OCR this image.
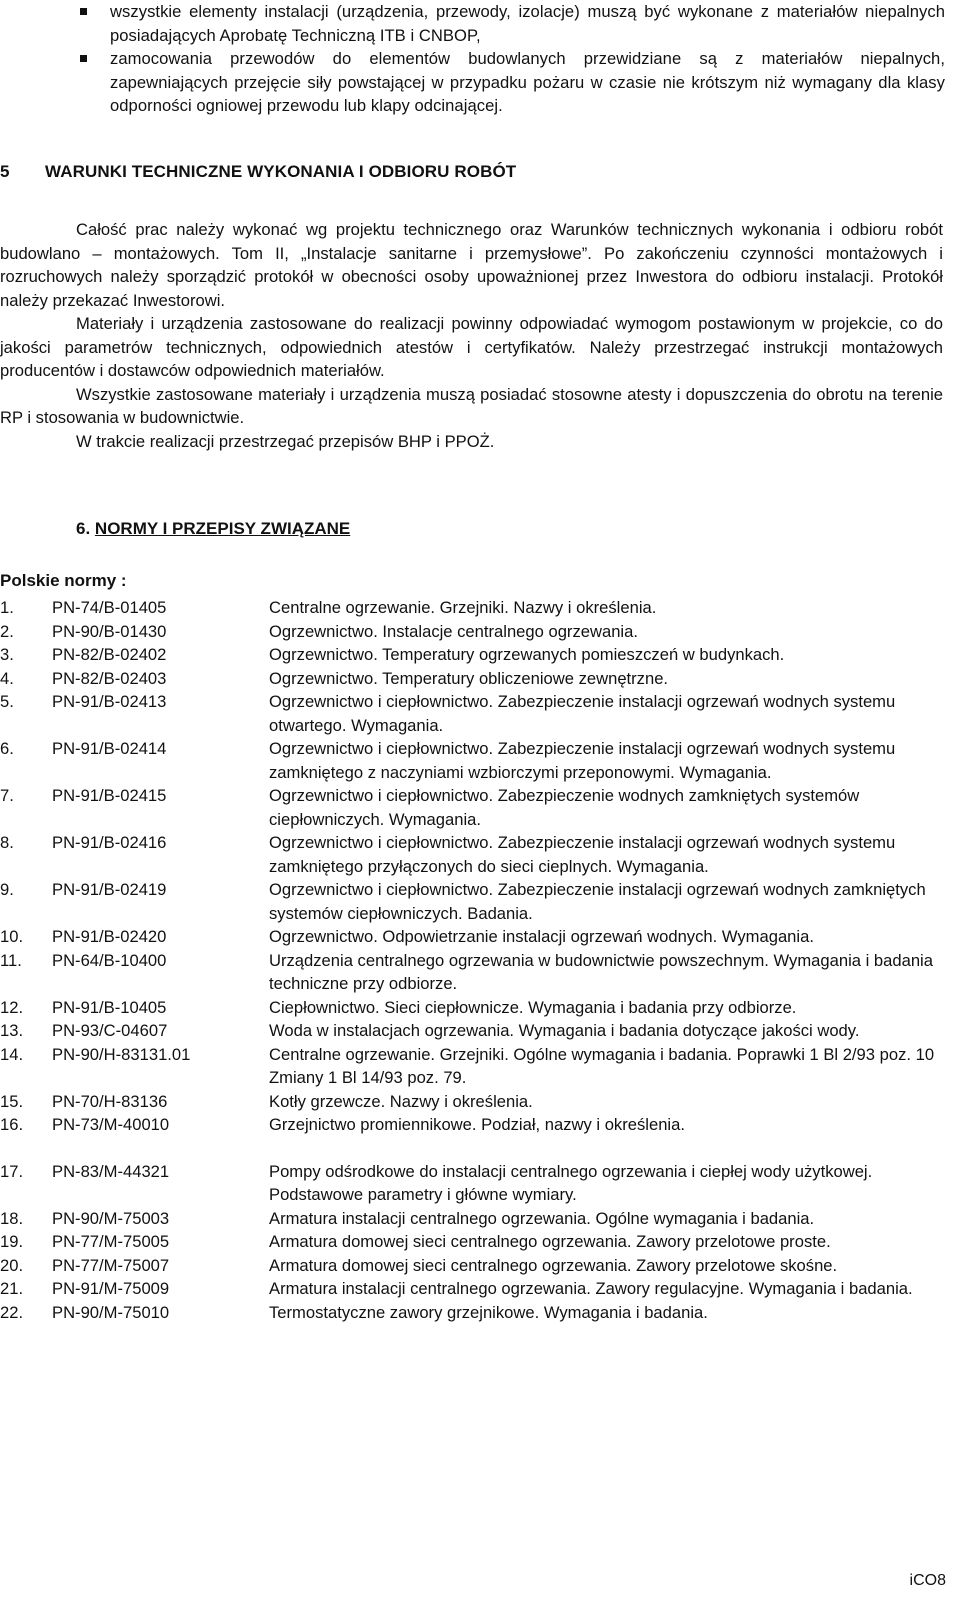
wszystkie elementy instalacji (urządzenia, przewody, izolacje) muszą być wykonane z materiałów niepalnych posiadających Aprobatę Techniczną ITB i CNBOP,
zamocowania przewodów do elementów budowlanych przewidziane są z materiałów niepalnych, zapewniających przejęcie siły powstającej w przypadku pożaru w czasie nie krótszym niż wymagany dla klasy odporności ogniowej przewodu lub klapy odcinającej.
5 WARUNKI TECHNICZNE WYKONANIA I ODBIORU ROBÓT

Całość prac należy wykonać wg projektu technicznego oraz Warunków technicznych wykonania i odbioru robót budowlano – montażowych. Tom II, „Instalacje sanitarne i przemysłowe”. Po zakończeniu czynności montażowych i rozruchowych należy sporządzić protokół w obecności osoby upoważnionej przez Inwestora do odbioru instalacji. Protokół należy przekazać Inwestorowi.

Materiały i urządzenia zastosowane do realizacji powinny odpowiadać wymogom postawionym w projekcie, co do jakości parametrów technicznych, odpowiednich atestów i certyfikatów. Należy przestrzegać instrukcji montażowych producentów i dostawców odpowiednich materiałów.

Wszystkie zastosowane materiały i urządzenia muszą posiadać stosowne atesty i dopuszczenia do obrotu na terenie RP i stosowania w budownictwie.

W trakcie realizacji przestrzegać przepisów BHP i PPOŻ.

6. NORMY I PRZEPISY ZWIĄZANE
Polskie normy :
1.	PN-74/B-01405	Centralne ogrzewanie. Grzejniki. Nazwy i określenia.
2.	PN-90/B-01430	Ogrzewnictwo. Instalacje centralnego ogrzewania.
3.	PN-82/B-02402	Ogrzewnictwo. Temperatury ogrzewanych pomieszczeń w budynkach.
4.	PN-82/B-02403	Ogrzewnictwo. Temperatury obliczeniowe zewnętrzne.
5.	PN-91/B-02413	Ogrzewnictwo i ciepłownictwo. Zabezpieczenie instalacji ogrzewań wodnych systemu otwartego. Wymagania.
6.	PN-91/B-02414	Ogrzewnictwo i ciepłownictwo. Zabezpieczenie instalacji ogrzewań wodnych systemu zamkniętego z naczyniami wzbiorczymi przeponowymi. Wymagania.
7.	PN-91/B-02415	Ogrzewnictwo i ciepłownictwo. Zabezpieczenie wodnych zamkniętych systemów ciepłowniczych. Wymagania.
8.	PN-91/B-02416	Ogrzewnictwo i ciepłownictwo. Zabezpieczenie instalacji ogrzewań wodnych systemu zamkniętego przyłączonych do sieci cieplnych. Wymagania.
9.	PN-91/B-02419	Ogrzewnictwo i ciepłownictwo. Zabezpieczenie instalacji ogrzewań wodnych zamkniętych systemów ciepłowniczych. Badania.
10.	PN-91/B-02420	Ogrzewnictwo. Odpowietrzanie instalacji ogrzewań wodnych. Wymagania.
11.	PN-64/B-10400	Urządzenia centralnego ogrzewania w budownictwie powszechnym. Wymagania i badania techniczne przy odbiorze.
12.	PN-91/B-10405	Ciepłownictwo. Sieci ciepłownicze. Wymagania i badania przy odbiorze.
13.	PN-93/C-04607	Woda w instalacjach ogrzewania. Wymagania i badania dotyczące jakości wody.
14.	PN-90/H-83131.01	Centralne ogrzewanie. Grzejniki. Ogólne wymagania i badania. Poprawki 1 Bl 2/93 poz. 10 Zmiany 1 Bl 14/93 poz. 79.
15.	PN-70/H-83136	Kotły grzewcze. Nazwy i określenia.
16.	PN-73/M-40010	Grzejnictwo promiennikowe. Podział, nazwy i określenia.
17.	PN-83/M-44321	Pompy odśrodkowe do instalacji centralnego ogrzewania i ciepłej wody użytkowej. Podstawowe parametry i główne wymiary.
18.	PN-90/M-75003	Armatura instalacji centralnego ogrzewania. Ogólne wymagania i badania.
19.	PN-77/M-75005	Armatura domowej sieci centralnego ogrzewania. Zawory przelotowe proste.
20.	PN-77/M-75007	Armatura domowej sieci centralnego ogrzewania. Zawory przelotowe skośne.
21.	PN-91/M-75009	Armatura instalacji centralnego ogrzewania. Zawory regulacyjne. Wymagania i badania.
22.	PN-90/M-75010	Termostatyczne zawory grzejnikowe. Wymagania i badania.
iCO8
